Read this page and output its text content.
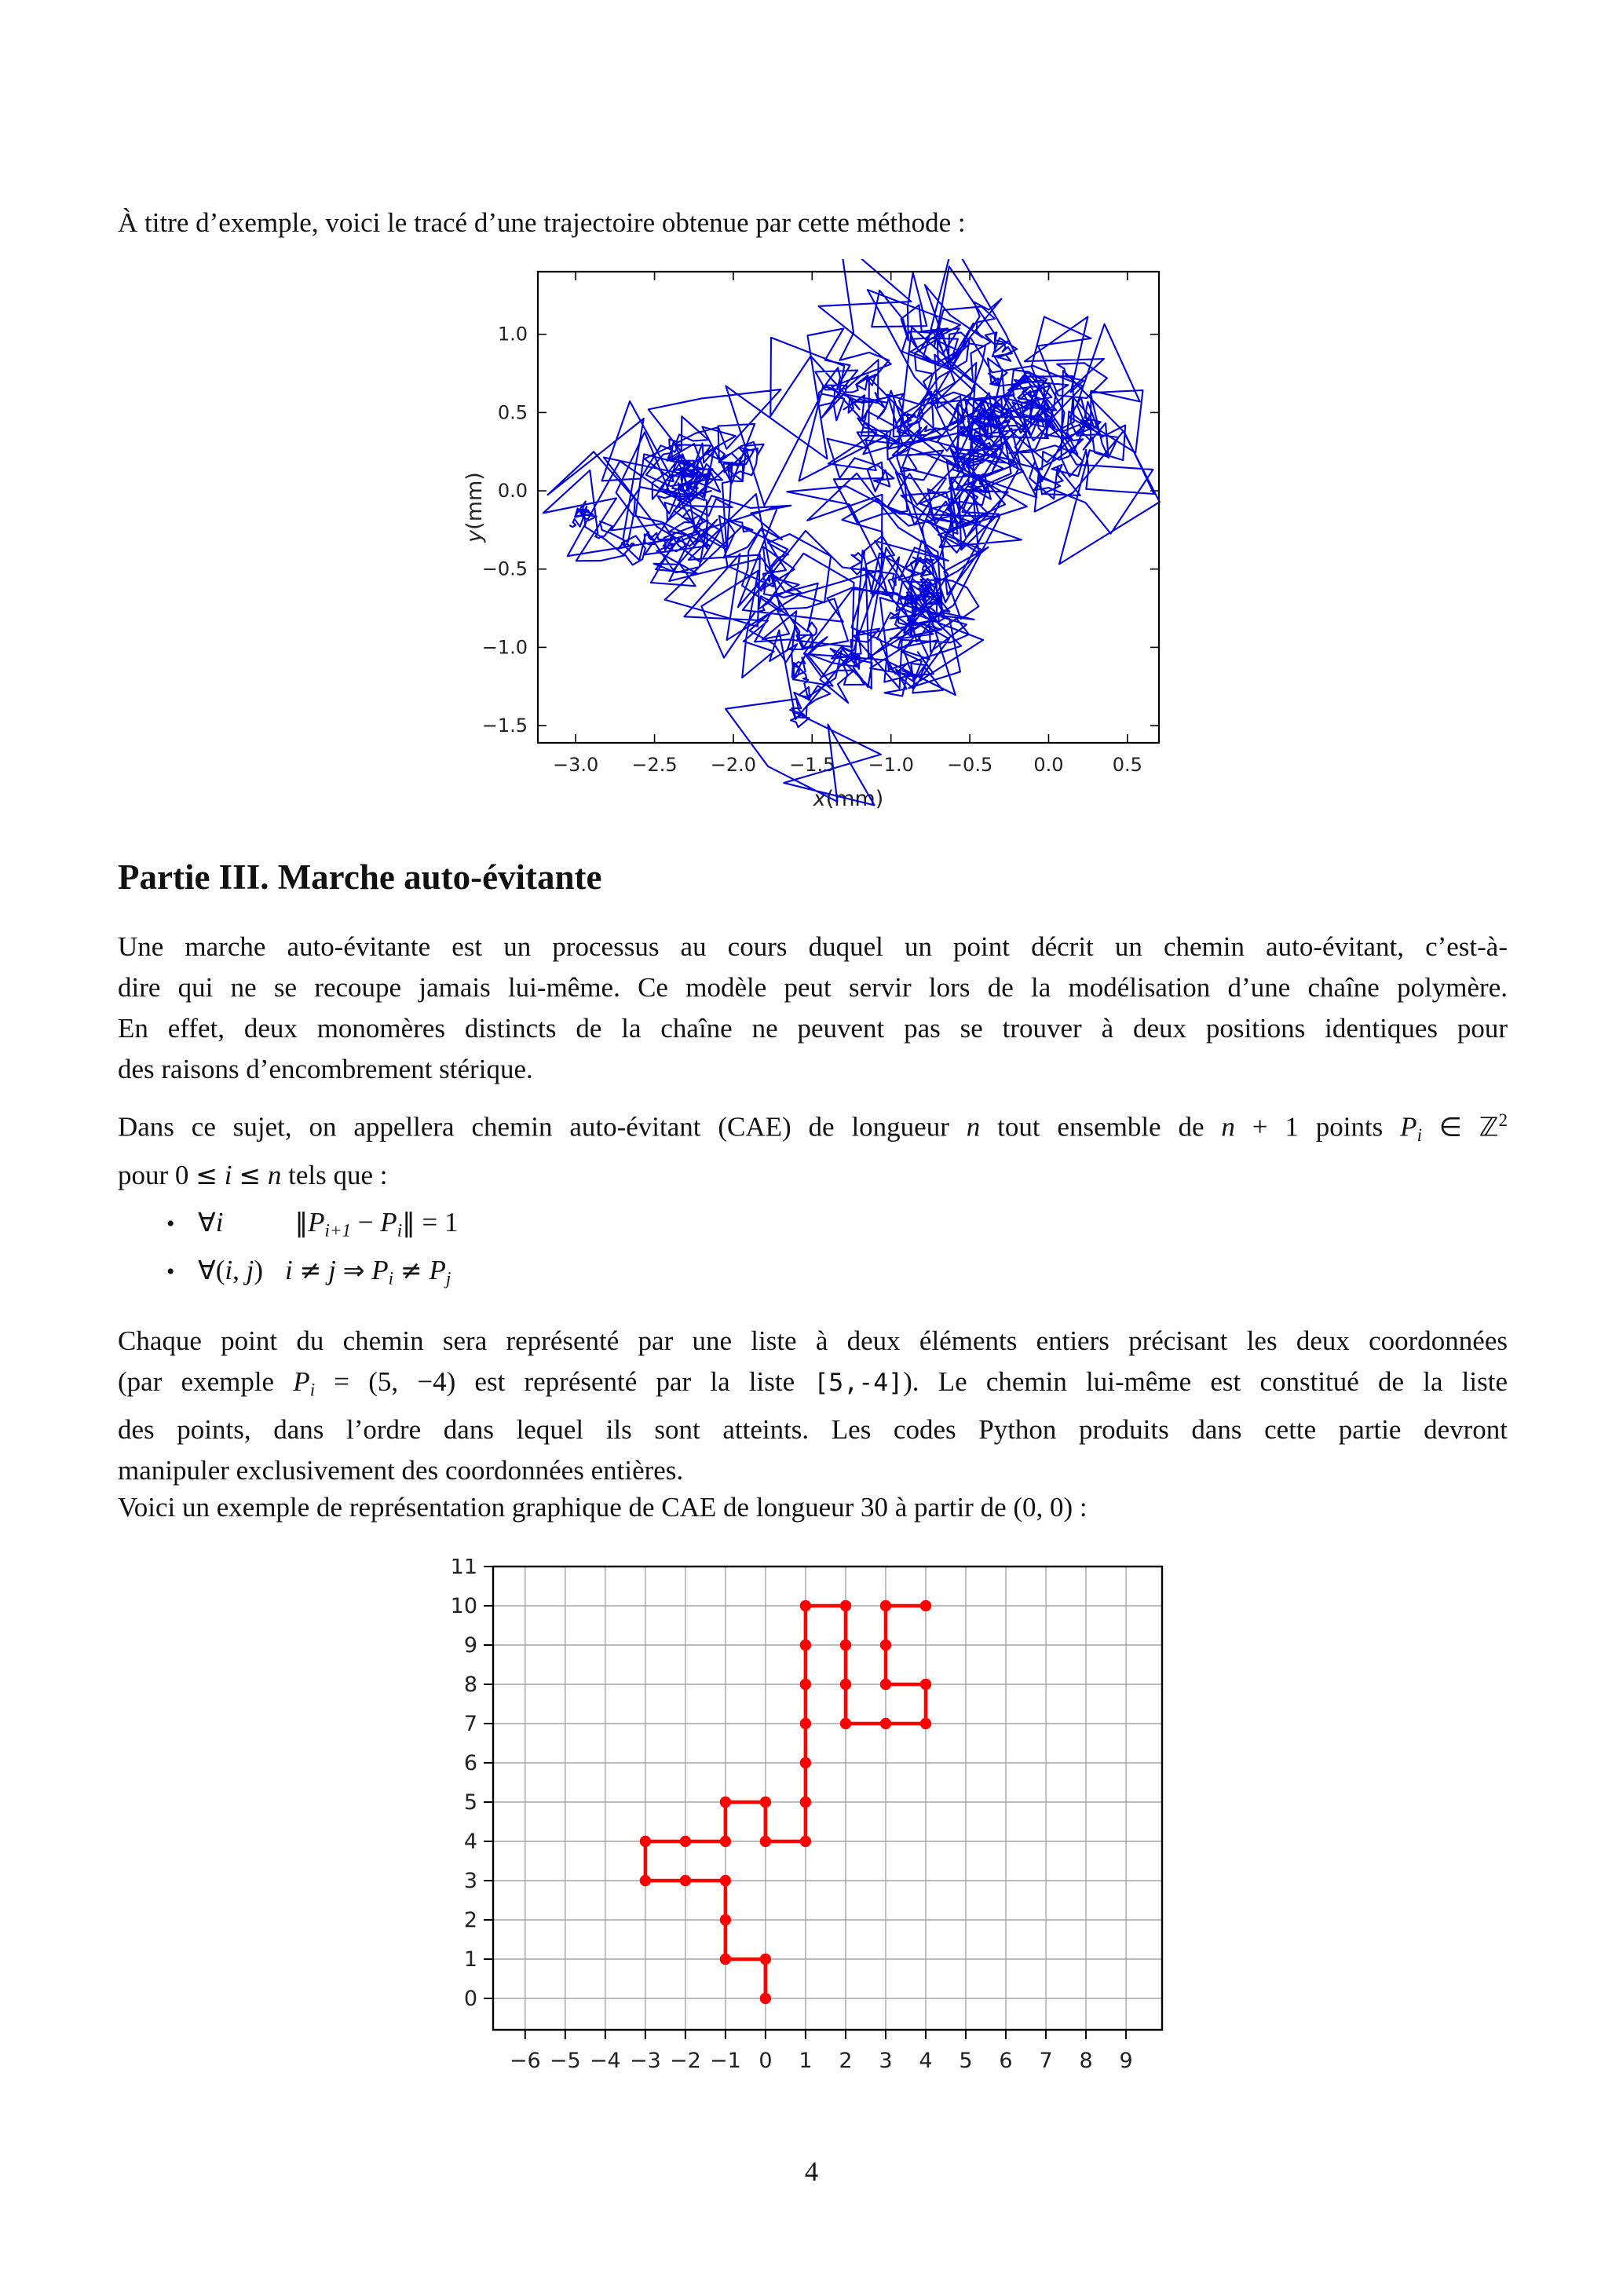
À titre d’exemple, voici le tracé d’une trajectoire obtenue par cette méthode :
−3.0 −2.5 −2.0 −1.5 −1.0 −0.5 0.0	0.5
−1.5
−1.0
−0.5
0.0
0.5
1.0
x(mm)
y(mm)
Partie III. Marche auto-évitante
Une marche auto-évitante est un processus au cours duquel un point décrit un chemin auto-évitant, c’est-à-
dire qui ne se recoupe jamais lui-même. Ce modèle peut servir lors de la modélisation d’une chaîne polymère.
En effet, deux monomères distincts de la chaîne ne peuvent pas se trouver à deux positions identiques pour
des raisons d’encombrement stérique.
Dans ce sujet, on appellera chemin auto-évitant (CAE) de longueur n tout ensemble de n + 1 points Pi ∈ ℤ$^2$
pour 0 ≤ i ≤ n tels que :
• ∀i	‖Pi+1 − Pi‖ = 1
• ∀(i, j) i ≠ j ⇒ Pi ≠ Pj
Chaque point du chemin sera représenté par une liste à deux éléments entiers précisant les deux coordonnées
(par exemple Pi = (5, −4) est représenté par la liste [5,-4]). Le chemin lui-même est constitué de la liste
des points, dans l’ordre dans lequel ils sont atteints. Les codes Python produits dans cette partie devront
manipuler exclusivement des coordonnées entières.
Voici un exemple de représentation graphique de CAE de longueur 30 à partir de (0, 0) :
−6 −5 −4 −3 −2 −1 0 1 2 3 4 5 6 7 8 9
0
1
2
3
4
5
6
7
8
9
10
11
4
